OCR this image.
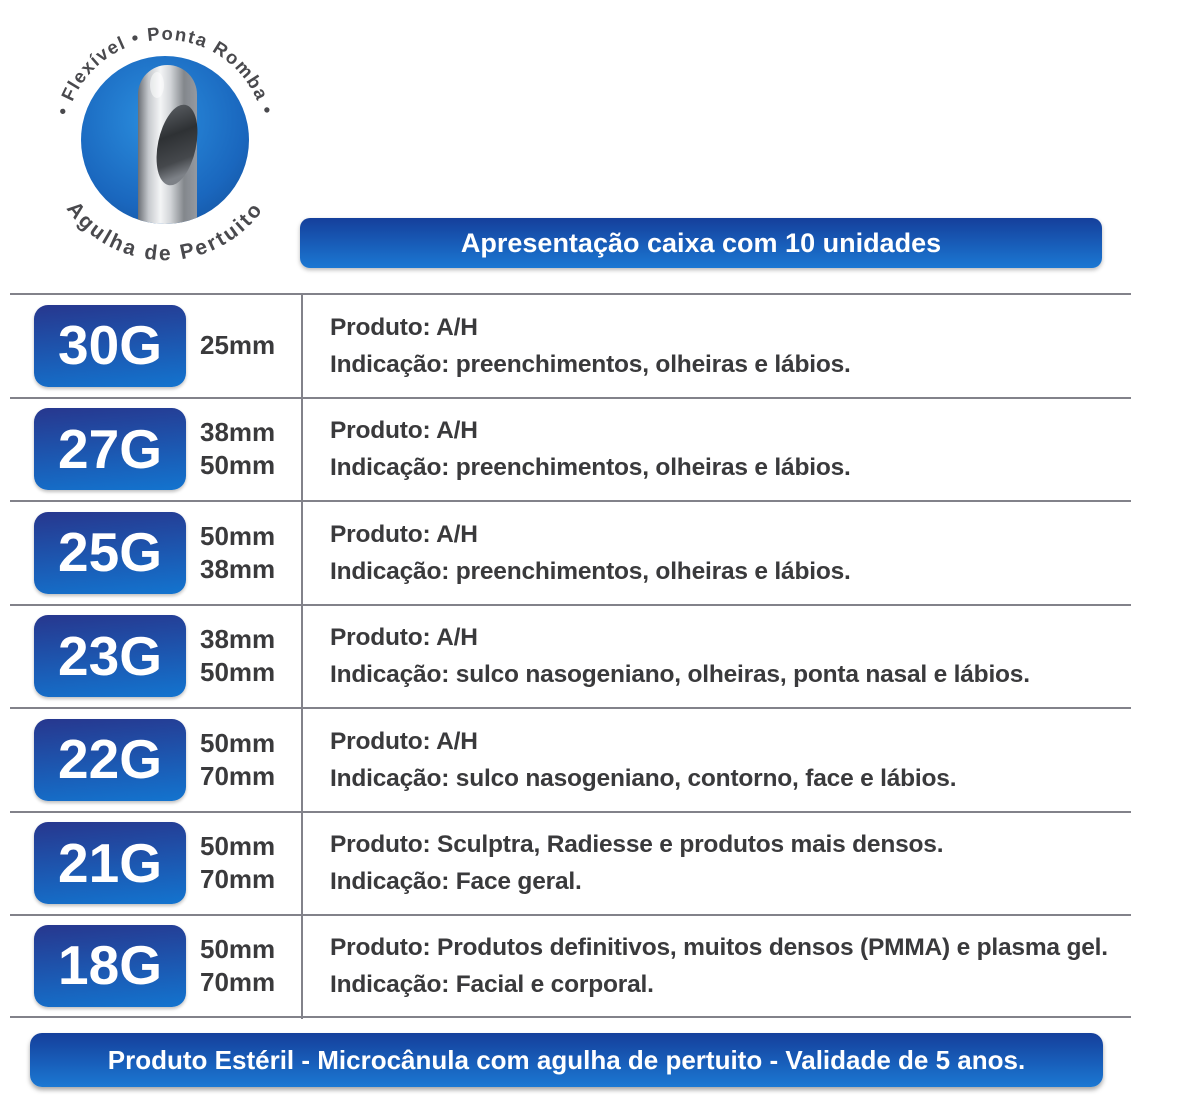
• Flexível • Ponta Romba •
Agulha de Pertuito
Apresentação caixa com 10 unidades
30G 25mm
Produto: A/H
Indicação: preenchimentos, olheiras e lábios.
27G 38mm
50mm
Produto: A/H
Indicação: preenchimentos, olheiras e lábios.
25G 50mm
38mm
Produto: A/H
Indicação: preenchimentos, olheiras e lábios.
23G 38mm
50mm
Produto: A/H
Indicação: sulco nasogeniano, olheiras, ponta nasal e lábios.
22G 50mm
70mm
Produto: A/H
Indicação: sulco nasogeniano, contorno, face e lábios.
21G 50mm
70mm
Produto: Sculptra, Radiesse e produtos mais densos.
Indicação: Face geral.
18G 50mm
70mm
Produto: Produtos definitivos, muitos densos (PMMA) e plasma gel.
Indicação: Facial e corporal.
Produto Estéril - Microcânula com agulha de pertuito - Validade de 5 anos.
